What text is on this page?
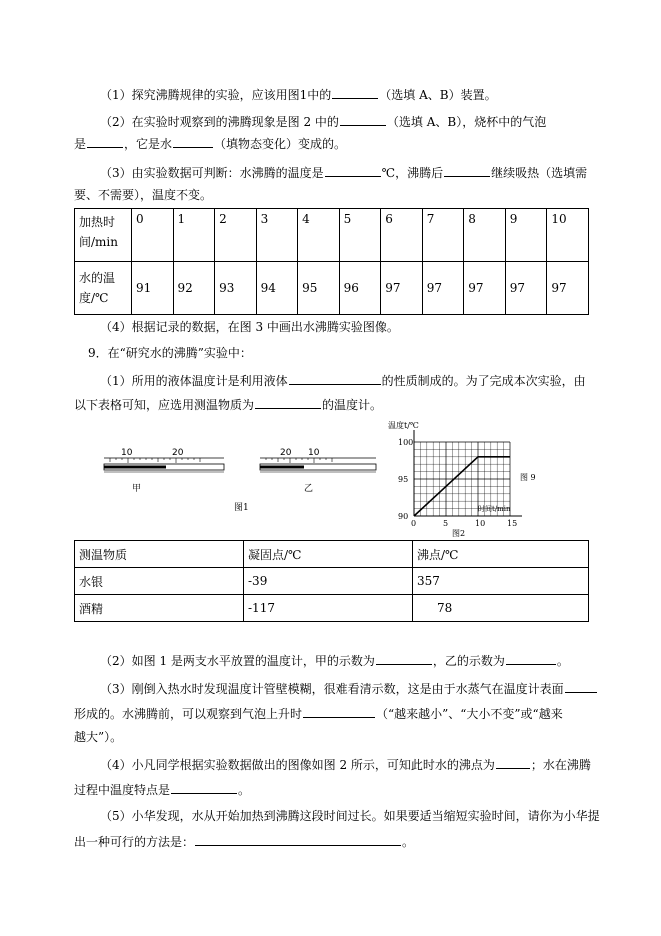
（1）探究沸腾规律的实验，应该用图1中的	（选填 A、B）装置。
（2）在实验时观察到的沸腾现象是图 2 中的	（选填 A、B），烧杯中的气泡
是	，它是水	（填物态变化）变成的。
（3）由实验数据可判断：水沸腾的温度是	℃，沸腾后	继续吸热（选填需
要、不需要），温度不变。
加热时间/min	0	1	2	3	4	5	6	7	8	9	10
水的温度/℃	91	92	93	94	95	96	97	97	97	97	97
（4）根据记录的数据，在图 3 中画出水沸腾实验图像。
9．在“研究水的沸腾”实验中：
（1）所用的液体温度计是利用液体	的性质制成的。为了完成本次实验，由
以下表格可知，应选用测温物质为	的温度计。
10	20
甲
20 10
乙
图1
100
95
90
0	5	10	15
温度t/℃
时间t/min
图 9
图2
测温物质	凝固点/℃	沸点/℃
水银	-39	357
酒精	-117	78
（2）如图 1 是两支水平放置的温度计，甲的示数为	，乙的示数为	。
（3）刚倒入热水时发现温度计管壁模糊，很难看清示数，这是由于水蒸气在温度计表面
形成的。水沸腾前，可以观察到气泡上升时	（“越来越小”、“大小不变”或“越来
越大”）。
（4）小凡同学根据实验数据做出的图像如图 2 所示，可知此时水的沸点为	；水在沸腾
过程中温度特点是	。
（5）小华发现，水从开始加热到沸腾这段时间过长。如果要适当缩短实验时间，请你为小华提
出一种可行的方法是：	。
